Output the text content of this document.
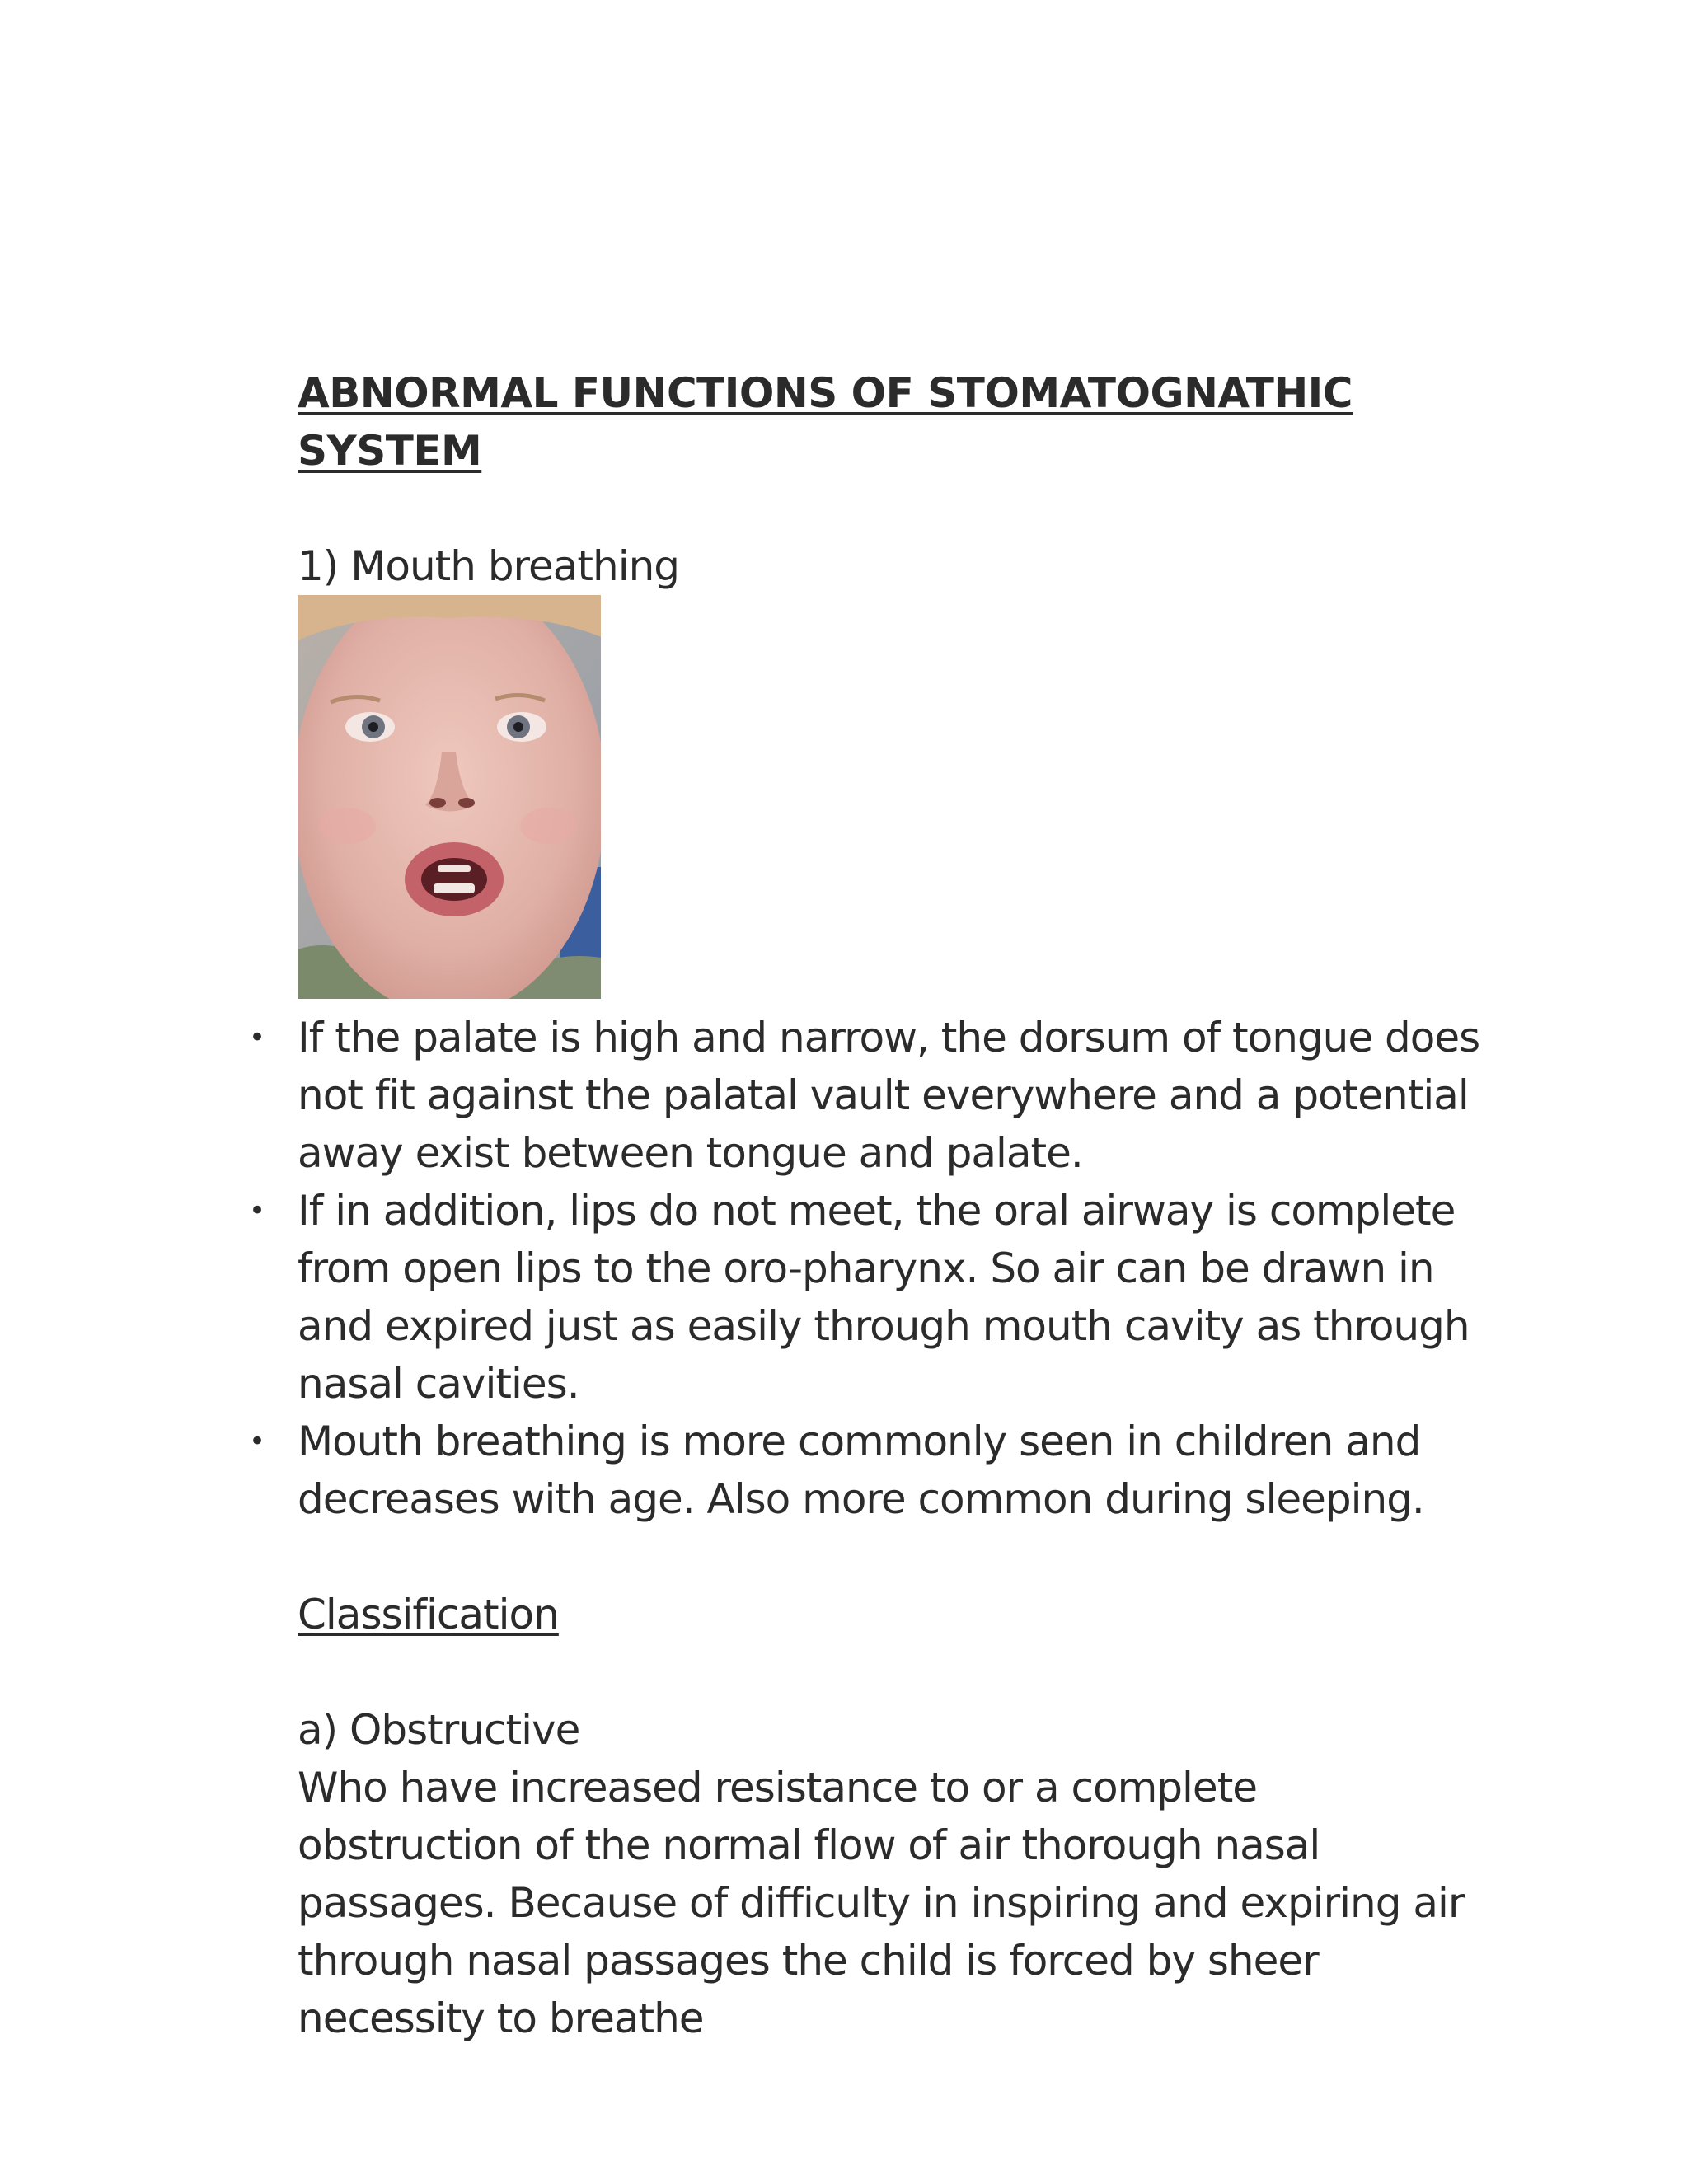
ABNORMAL FUNCTIONS OF STOMATOGNATHIC SYSTEM

1) Mouth breathing

• If the palate is high and narrow, the dorsum of tongue does not fit against the palatal vault everywhere and a potential away exist between tongue and palate.
• If in addition, lips do not meet, the oral airway is complete from open lips to the oro-pharynx. So air can be drawn in and expired just as easily through mouth cavity as through nasal cavities.
• Mouth breathing is more commonly seen in children and decreases with age. Also more common during sleeping.

Classification

a) Obstructive

Who have increased resistance to or a complete obstruction of the normal flow of air thorough nasal passages. Because of difficulty in inspiring and expiring air through nasal passages the child is forced by sheer necessity to breathe
